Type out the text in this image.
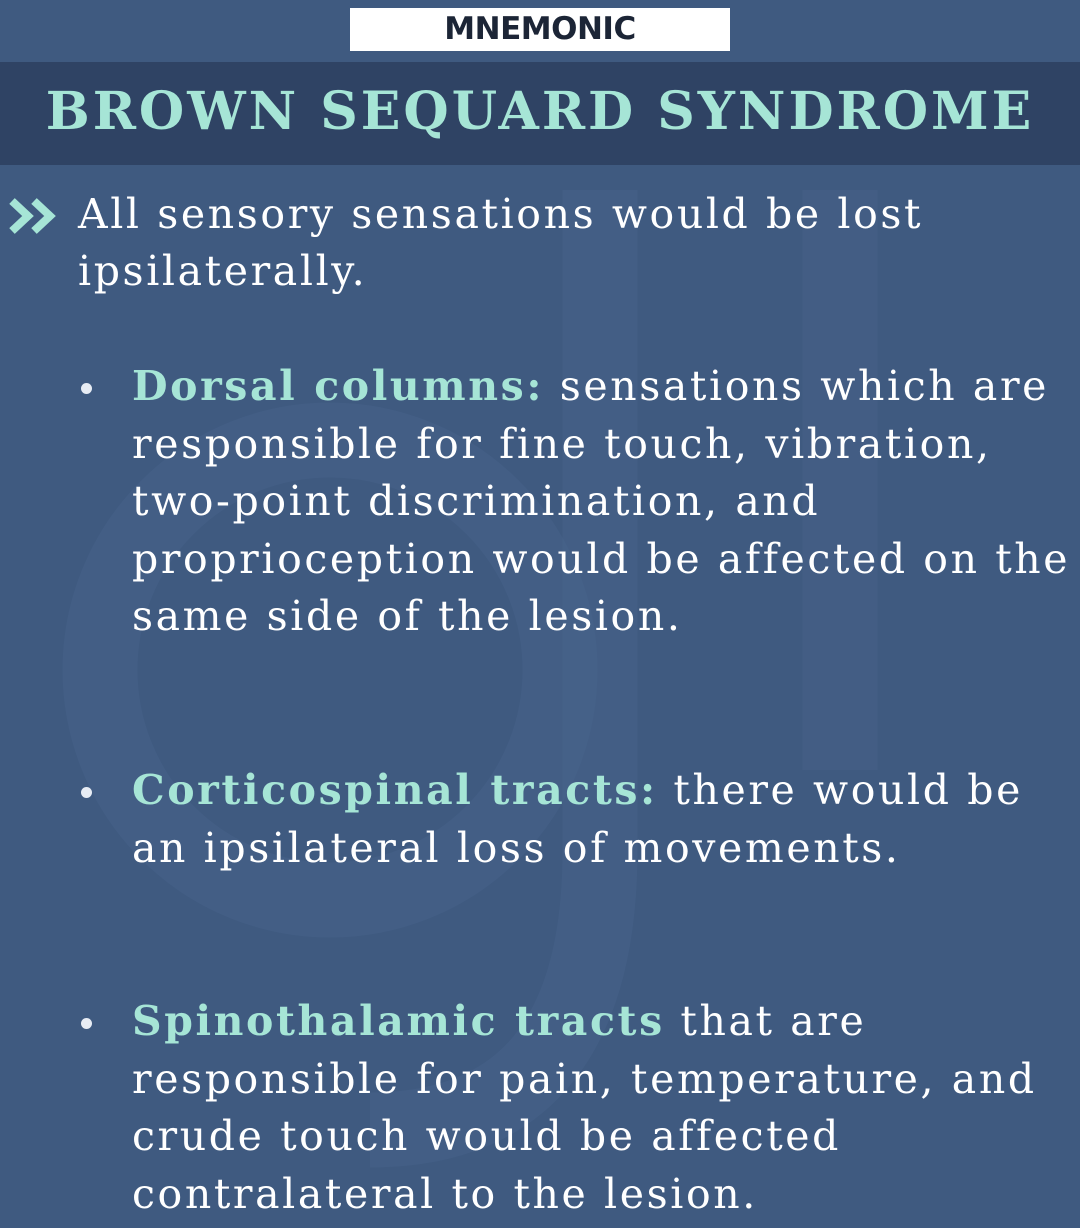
MNEMONIC
BROWN SEQUARD SYNDROME
All sensory sensations would be lost ipsilaterally.
Dorsal columns: sensations which are responsible for fine touch, vibration, two-point discrimination, and proprioception would be affected on the same side of the lesion.
Corticospinal tracts: there would be an ipsilateral loss of movements.
Spinothalamic tracts that are responsible for pain, temperature, and crude touch would be affected contralateral to the lesion.
